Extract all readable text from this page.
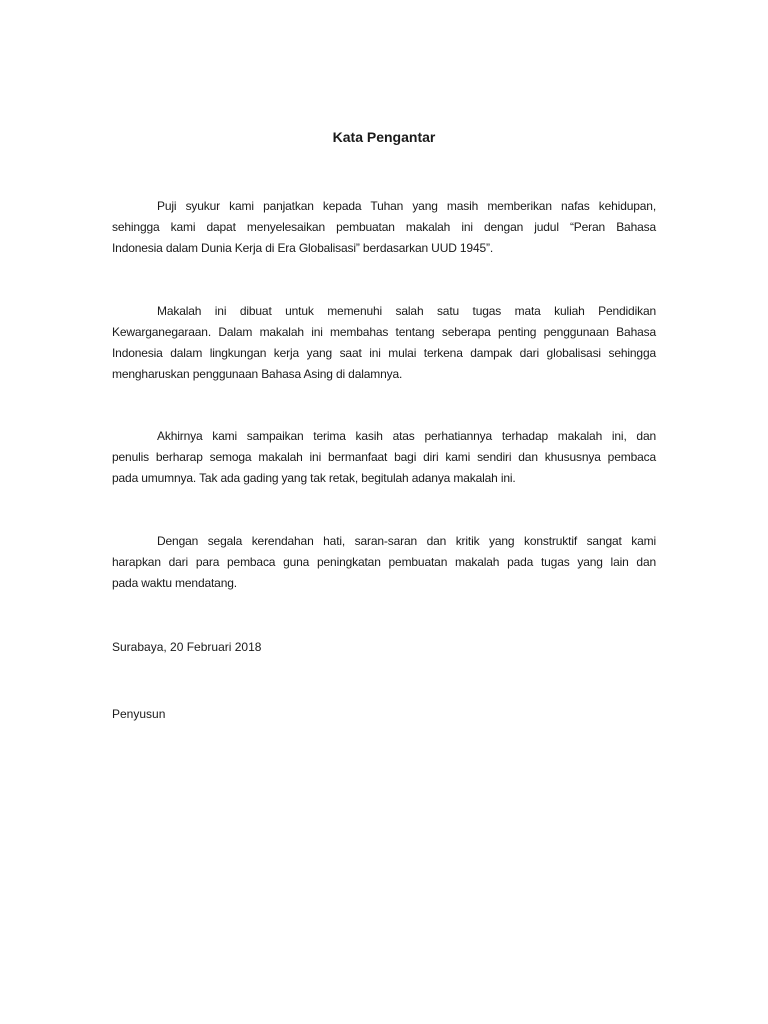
Kata Pengantar
Puji syukur kami panjatkan kepada Tuhan yang masih memberikan nafas kehidupan,
sehingga kami dapat menyelesaikan pembuatan makalah ini dengan judul “Peran Bahasa
Indonesia dalam Dunia Kerja di Era Globalisasi” berdasarkan UUD 1945”.
Makalah ini dibuat untuk memenuhi salah satu tugas mata kuliah Pendidikan
Kewarganegaraan. Dalam makalah ini membahas tentang seberapa penting penggunaan Bahasa
Indonesia dalam lingkungan kerja yang saat ini mulai terkena dampak dari globalisasi sehingga
mengharuskan penggunaan Bahasa Asing di dalamnya.
Akhirnya kami sampaikan terima kasih atas perhatiannya terhadap makalah ini, dan
penulis berharap semoga makalah ini bermanfaat bagi diri kami sendiri dan khususnya pembaca
pada umumnya. Tak ada gading yang tak retak, begitulah adanya makalah ini.
Dengan segala kerendahan hati, saran-saran dan kritik yang konstruktif sangat kami
harapkan dari para pembaca guna peningkatan pembuatan makalah pada tugas yang lain dan
pada waktu mendatang.
Surabaya, 20 Februari 2018
Penyusun
